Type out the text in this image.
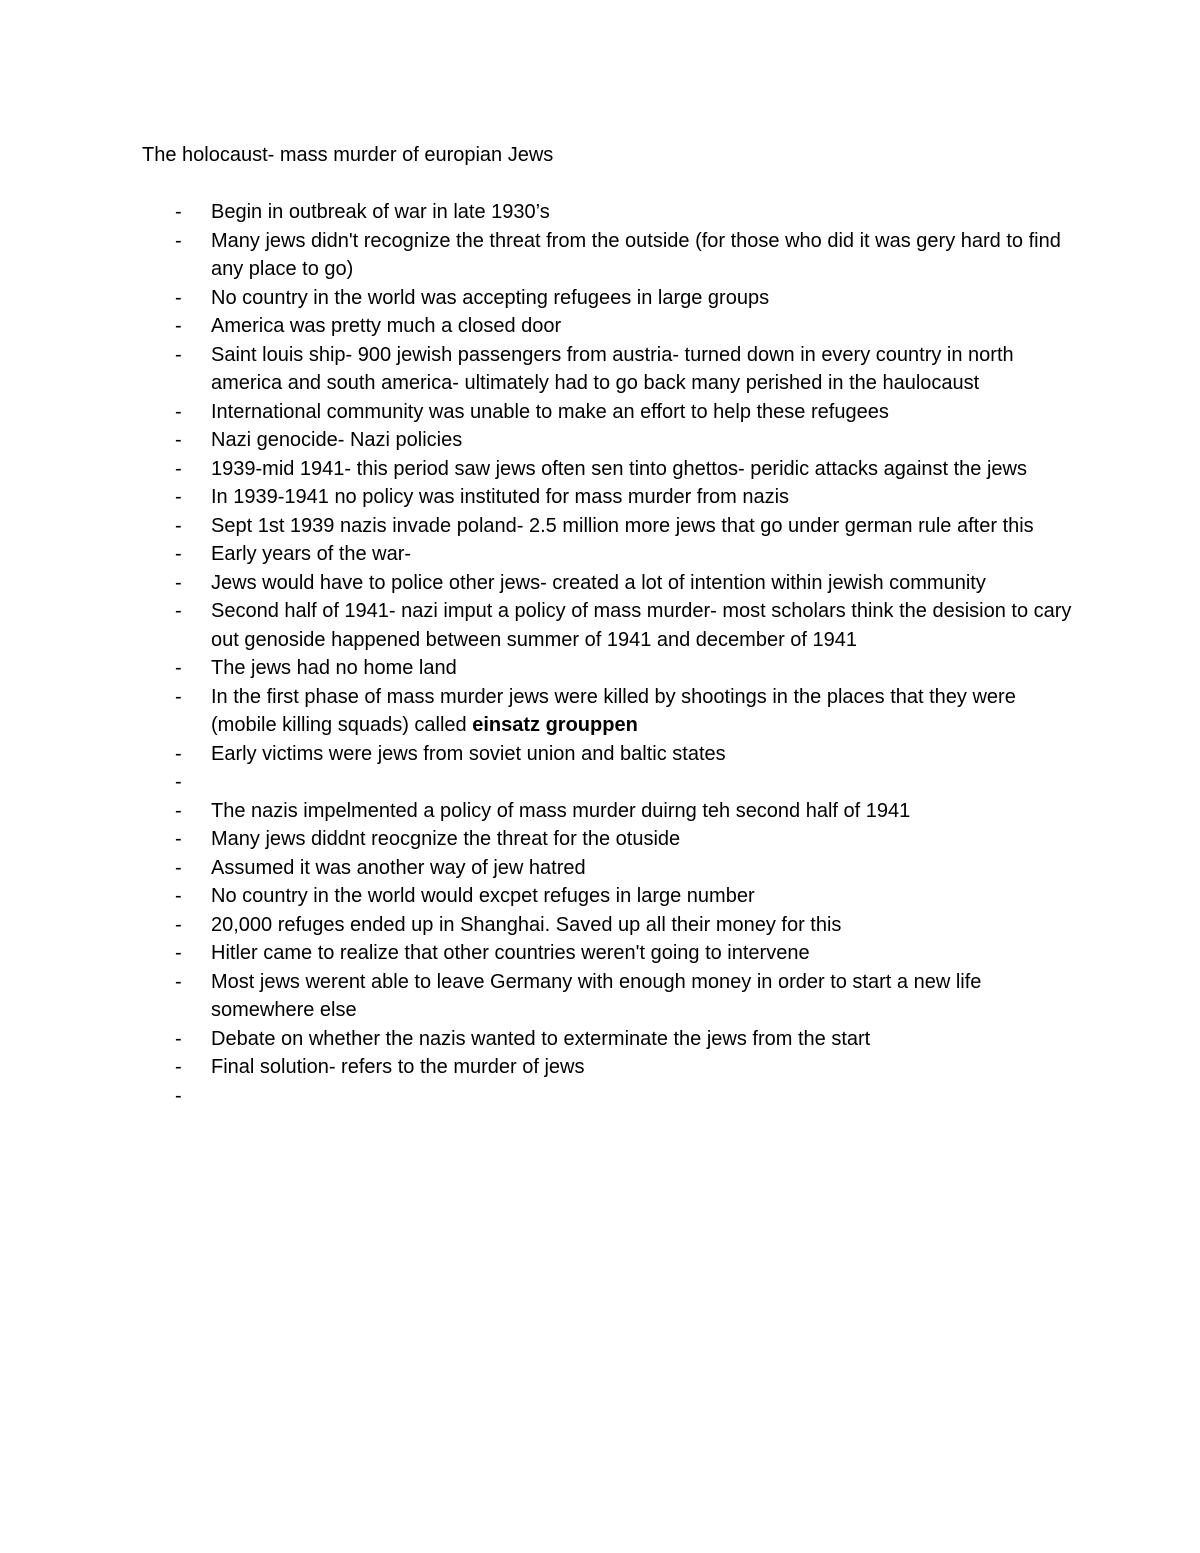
The holocaust- mass murder of europian Jews
- Begin in outbreak of war in late 1930’s
- Many jews didn't recognize the threat from the outside (for those who did it was gery hard to find any place to go)
- No country in the world was accepting refugees in large groups
- America was pretty much a closed door
- Saint louis ship- 900 jewish passengers from austria- turned down in every country in north america and south america- ultimately had to go back many perished in the haulocaust
- International community was unable to make an effort to help these refugees
- Nazi genocide- Nazi policies
- 1939-mid 1941- this period saw jews often sen tinto ghettos- peridic attacks against the jews
- In 1939-1941 no policy was instituted for mass murder from nazis
- Sept 1st 1939 nazis invade poland- 2.5 million more jews that go under german rule after this
- Early years of the war-
- Jews would have to police other jews- created a lot of intention within jewish community
- Second half of 1941- nazi imput a policy of mass murder- most scholars think the desision to cary out genoside happened between summer of 1941 and december of 1941
- The jews had no home land
- In the first phase of mass murder jews were killed by shootings in the places that they were (mobile killing squads) called einsatz grouppen
- Early victims were jews from soviet union and baltic states
-
- The nazis impelmented a policy of mass murder duirng teh second half of 1941
- Many jews diddnt reocgnize the threat for the otuside
- Assumed it was another way of jew hatred
- No country in the world would excpet refuges in large number
- 20,000 refuges ended up in Shanghai. Saved up all their money for this
- Hitler came to realize that other countries weren't going to intervene
- Most jews werent able to leave Germany with enough money in order to start a new life somewhere else
- Debate on whether the nazis wanted to exterminate the jews from the start
- Final solution- refers to the murder of jews
-
